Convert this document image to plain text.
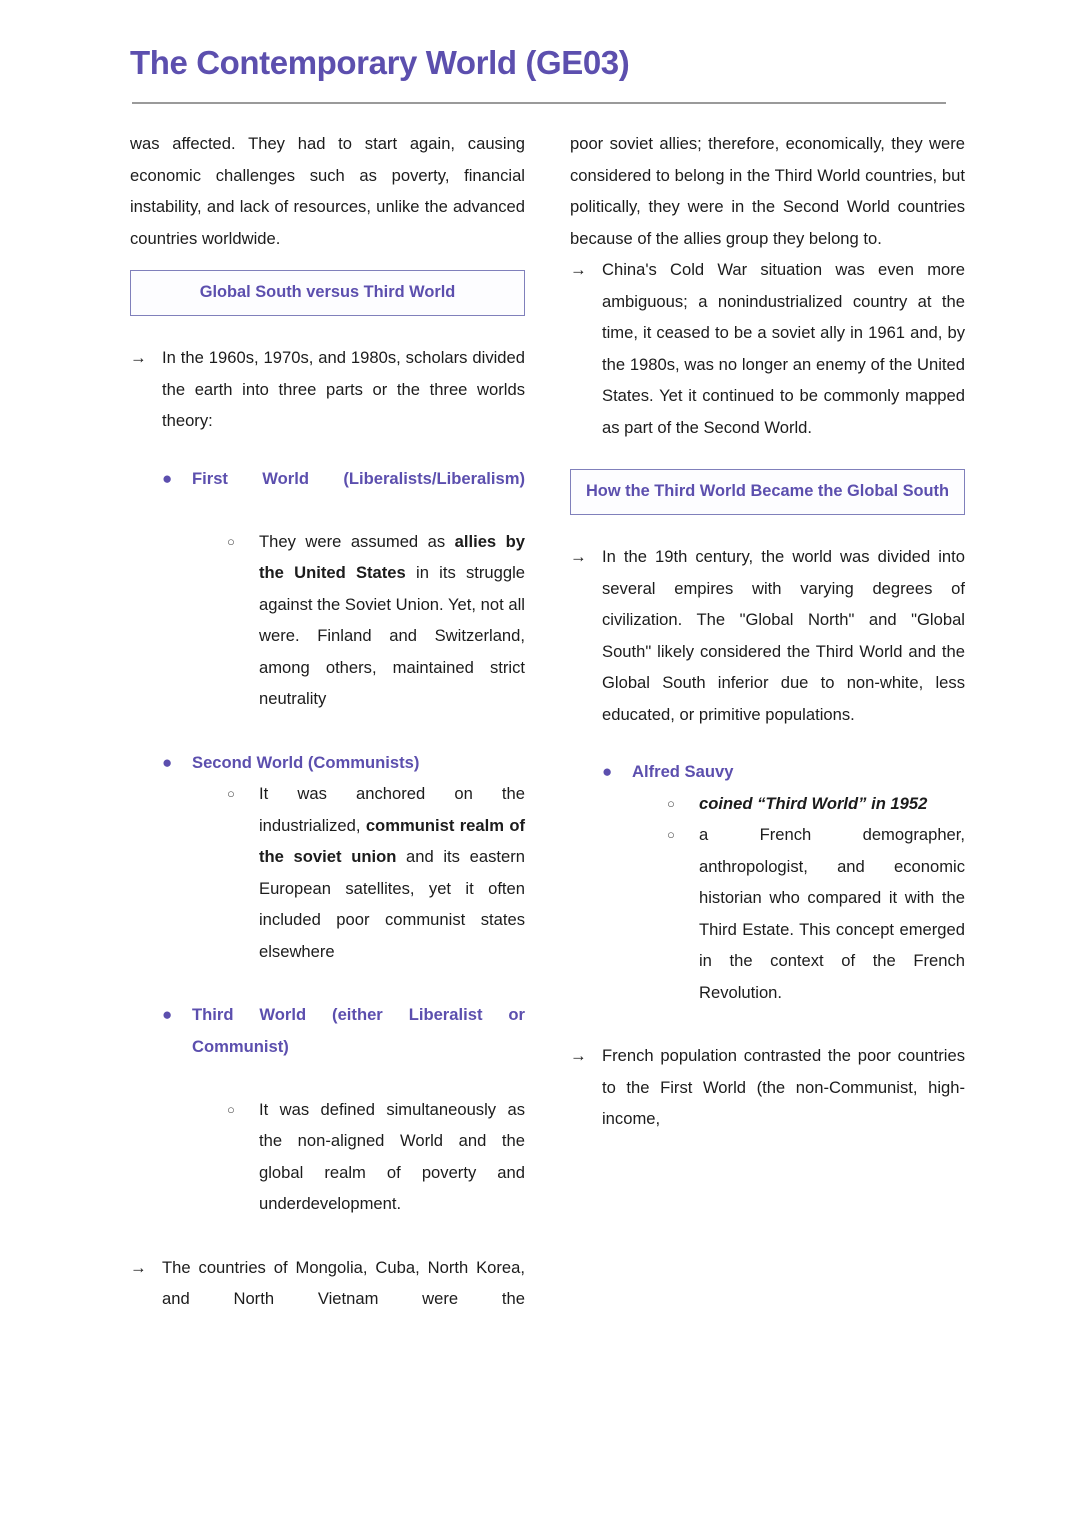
The Contemporary World (GE03)

was affected. They had to start again, causing economic challenges such as poverty, financial instability, and lack of resources, unlike the advanced countries worldwide.

Global South versus Third World
→ In the 1960s, 1970s, and 1980s, scholars divided the earth into three parts or the three worlds theory:
●	First World (Liberalists/Liberalism)
○	They were assumed as allies by the United States in its struggle against the Soviet Union. Yet, not all were. Finland and Switzerland, among others, maintained strict neutrality
●	Second World (Communists)
○	It was anchored on the industrialized, communist realm of the soviet union and its eastern European satellites, yet it often included poor communist states elsewhere
●	Third World (either Liberalist or Communist)
○	It was defined simultaneously as the non-aligned World and the global realm of poverty and underdevelopment.
→ The countries of Mongolia, Cuba, North Korea, and North Vietnam were the

poor soviet allies; therefore, economically, they were considered to belong in the Third World countries, but politically, they were in the Second World countries because of the allies group they belong to.

→ China's Cold War situation was even more ambiguous; a nonindustrialized country at the time, it ceased to be a soviet ally in 1961 and, by the 1980s, was no longer an enemy of the United States. Yet it continued to be commonly mapped as part of the Second World.
How the Third World Became the Global South
→ In the 19th century, the world was divided into several empires with varying degrees of civilization. The "Global North" and "Global South" likely considered the Third World and the Global South inferior due to non-white, less educated, or primitive populations.
●	Alfred Sauvy
○	coined “Third World” in 1952
○	a French demographer, anthropologist, and economic historian who compared it with the Third Estate. This concept emerged in the context of the French Revolution.
→ French population contrasted the poor countries to the First World (the non-Communist, high-income,
